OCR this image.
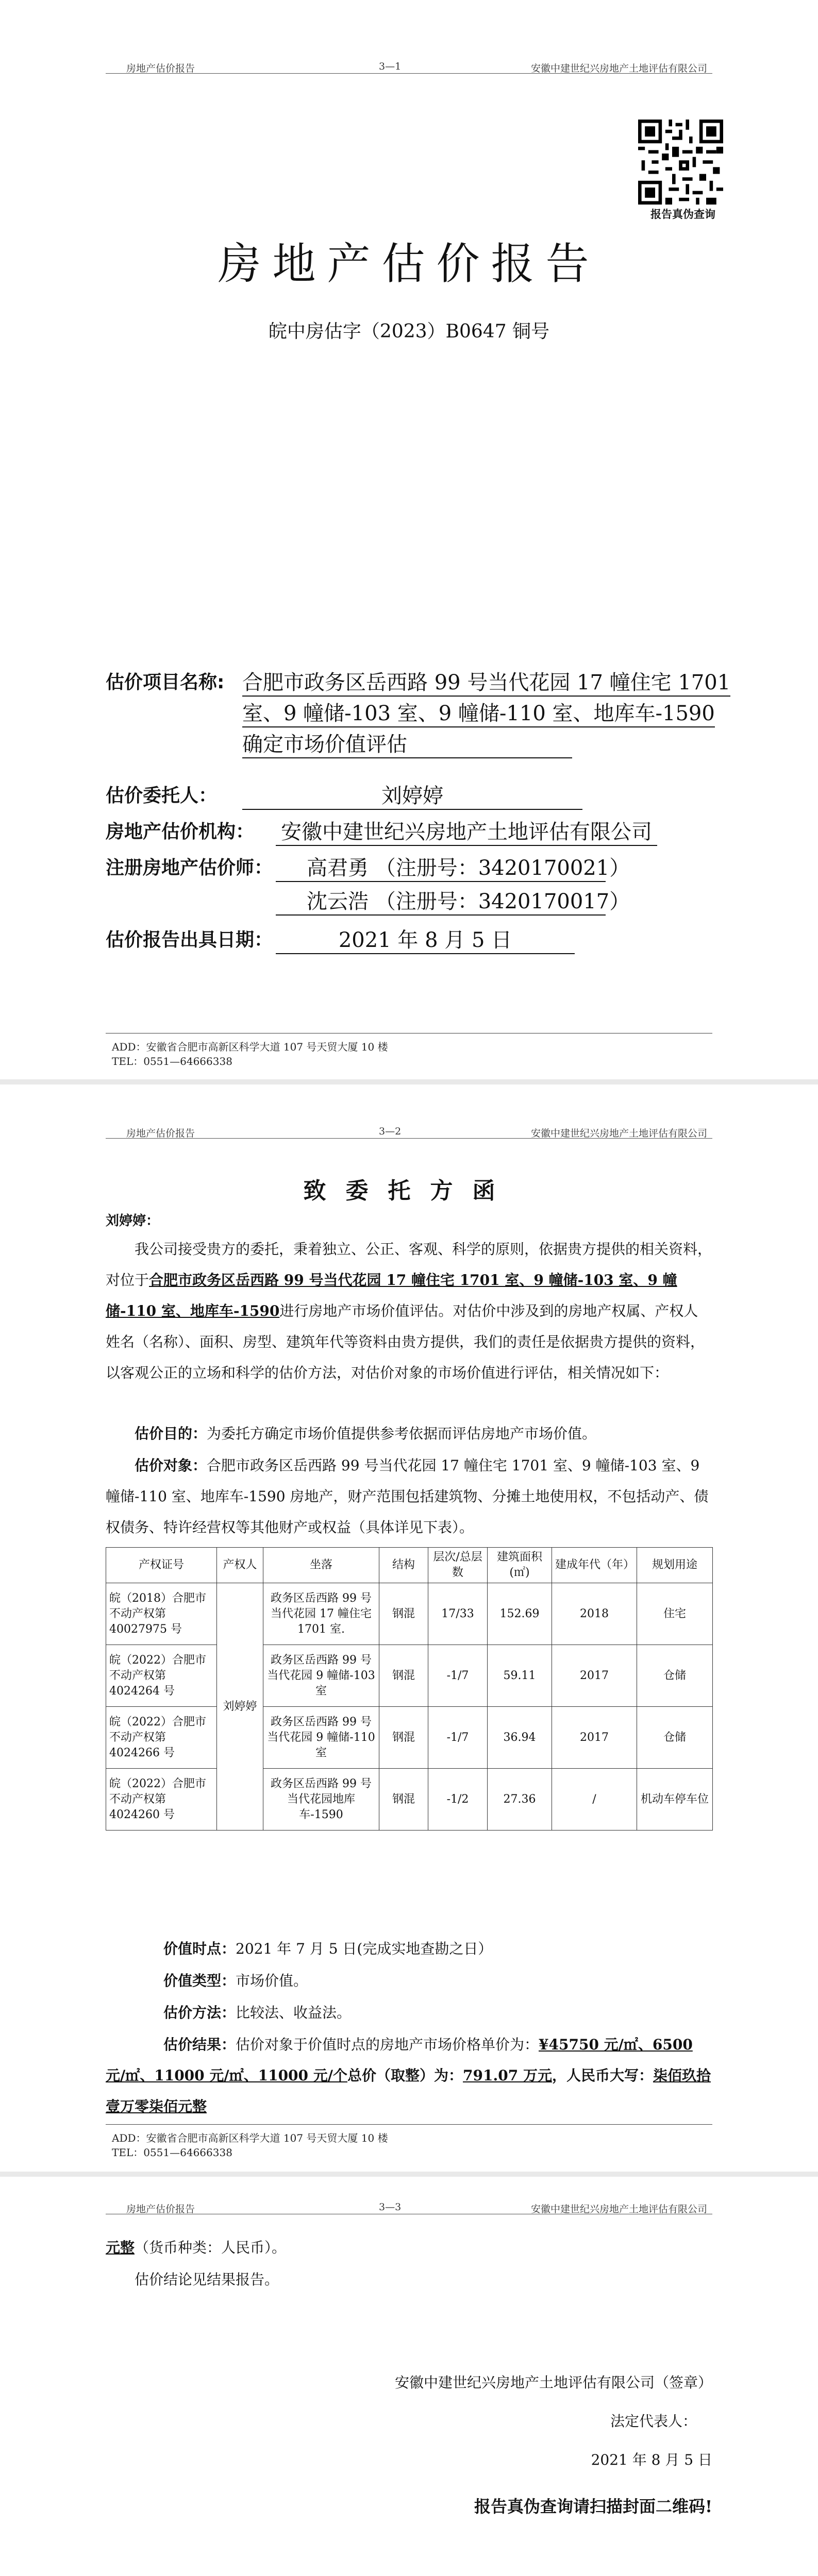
房地产估价报告	3—1	安徽中建世纪兴房地产土地评估有限公司
报告真伪查询
房地产估价报告
皖中房估字（2023）B0647 铜号
估价项目名称: 合肥市政务区岳西路 99 号当代花园 17 幢住宅 1701
室、9 幢储-103 室、9 幢储-110 室、地库车-1590
确定市场价值评估
估价委托人：	刘婷婷
房地产估价机构： 安徽中建世纪兴房地产土地评估有限公司
注册房地产估价师：	高君勇 （注册号：3420170021）
沈云浩 （注册号：3420170017）
估价报告出具日期：	2021 年 8 月 5 日
ADD：安徽省合肥市高新区科学大道 107 号天贸大厦 10 楼
TEL：0551—64666338
房地产估价报告	3—2	安徽中建世纪兴房地产土地评估有限公司
致委托方函
刘婷婷：
我公司接受贵方的委托，秉着独立、公正、客观、科学的原则，依据贵方提供的相关资料，对位于合肥市政务区岳西路 99 号当代花园 17 幢住宅 1701 室、9 幢储-103 室、9 幢储-110 室、地库车-1590进行房地产市场价值评估。对估价中涉及到的房地产权属、产权人姓名（名称）、面积、房型、建筑年代等资料由贵方提供，我们的责任是依据贵方提供的资料，以客观公正的立场和科学的估价方法，对估价对象的市场价值进行评估，相关情况如下：
估价目的：为委托方确定市场价值提供参考依据而评估房地产市场价值。
估价对象：合肥市政务区岳西路 99 号当代花园 17 幢住宅 1701 室、9 幢储-103 室、9 幢储-110 室、地库车-1590 房地产，财产范围包括建筑物、分摊土地使用权，不包括动产、债权债务、特许经营权等其他财产或权益（具体详见下表）。
产权证号	产权人	坐落	结构	层次/总层数	建筑面积(㎡)	建成年代（年）	规划用途
皖（2018）合肥市不动产权第40027975 号	刘婷婷	政务区岳西路 99 号当代花园 17 幢住宅 1701 室.	钢混	17/33	152.69	2018	住宅
皖（2022）合肥市不动产权第4024264 号		政务区岳西路 99 号当代花园 9 幢储-103 室	钢混	-1/7	59.11	2017	仓储
皖（2022）合肥市不动产权第4024266 号		政务区岳西路 99 号当代花园 9 幢储-110 室	钢混	-1/7	36.94	2017	仓储
皖（2022）合肥市不动产权第4024260 号		政务区岳西路 99 号当代花园地库车-1590	钢混	-1/2	27.36	/	机动车停车位
价值时点：2021 年 7 月 5 日(完成实地查勘之日）
价值类型：市场价值。
估价方法：比较法、收益法。
估价结果：估价对象于价值时点的房地产市场价格单价为：¥45750 元/㎡、6500 元/㎡、11000 元/㎡、11000 元/个总价（取整）为：791.07 万元，人民币大写：柒佰玖拾壹万零柒佰元整
ADD：安徽省合肥市高新区科学大道 107 号天贸大厦 10 楼
TEL：0551—64666338
房地产估价报告	3—3	安徽中建世纪兴房地产土地评估有限公司
元整（货币种类：人民币）。
估价结论见结果报告。
安徽中建世纪兴房地产土地评估有限公司（签章）
法定代表人：
2021 年 8 月 5 日
报告真伪查询请扫描封面二维码!
